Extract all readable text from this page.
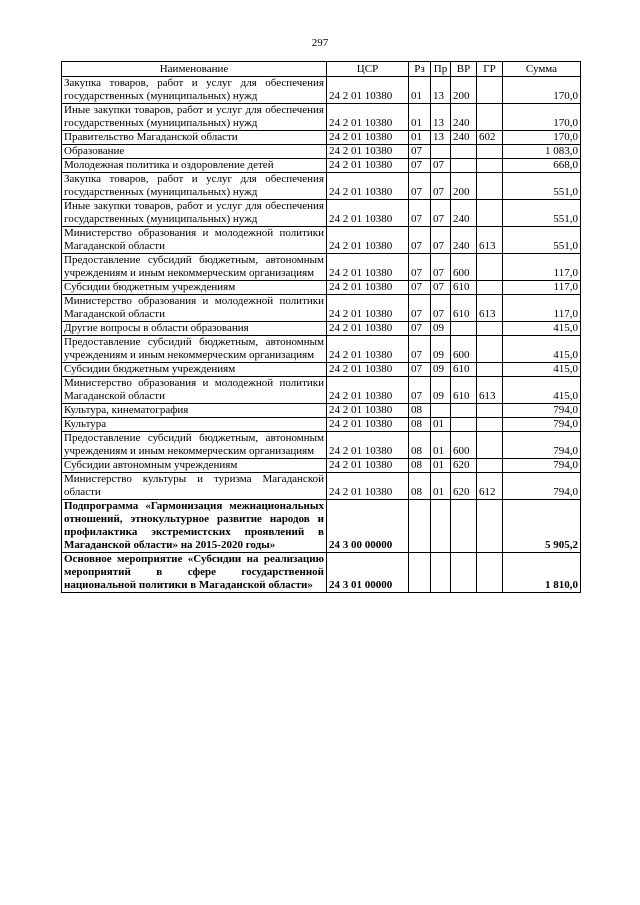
297
Наименование	ЦСР	Рз	Пр	ВР	ГР	Сумма
Закупка товаров, работ и услуг для обеспечения государственных (муниципальных) нужд	24 2 01 10380	01	13	200		170,0
Иные закупки товаров, работ и услуг для обеспечения государственных (муниципальных) нужд	24 2 01 10380	01	13	240		170,0
Правительство Магаданской области	24 2 01 10380	01	13	240	602	170,0
Образование	24 2 01 10380	07				1 083,0
Молодежная политика и оздоровление детей	24 2 01 10380	07	07			668,0
Закупка товаров, работ и услуг для обеспечения государственных (муниципальных) нужд	24 2 01 10380	07	07	200		551,0
Иные закупки товаров, работ и услуг для обеспечения государственных (муниципальных) нужд	24 2 01 10380	07	07	240		551,0
Министерство образования и молодежной политики Магаданской области	24 2 01 10380	07	07	240	613	551,0
Предоставление субсидий бюджетным, автономным учреждениям и иным некоммерческим организациям	24 2 01 10380	07	07	600		117,0
Субсидии бюджетным учреждениям	24 2 01 10380	07	07	610		117,0
Министерство образования и молодежной политики Магаданской области	24 2 01 10380	07	07	610	613	117,0
Другие вопросы в области образования	24 2 01 10380	07	09			415,0
Предоставление субсидий бюджетным, автономным учреждениям и иным некоммерческим организациям	24 2 01 10380	07	09	600		415,0
Субсидии бюджетным учреждениям	24 2 01 10380	07	09	610		415,0
Министерство образования и молодежной политики Магаданской области	24 2 01 10380	07	09	610	613	415,0
Культура, кинематография	24 2 01 10380	08				794,0
Культура	24 2 01 10380	08	01			794,0
Предоставление субсидий бюджетным, автономным учреждениям и иным некоммерческим организациям	24 2 01 10380	08	01	600		794,0
Субсидии автономным учреждениям	24 2 01 10380	08	01	620		794,0
Министерство культуры и туризма Магаданской области	24 2 01 10380	08	01	620	612	794,0
Подпрограмма «Гармонизация межнациональных отношений, этнокультурное развитие народов и профилактика экстремистских проявлений в Магаданской области» на 2015-2020 годы»	24 3 00 00000					5 905,2
Основное мероприятие «Субсидии на реализацию мероприятий в сфере государственной национальной политики в Магаданской области»	24 3 01 00000					1 810,0
